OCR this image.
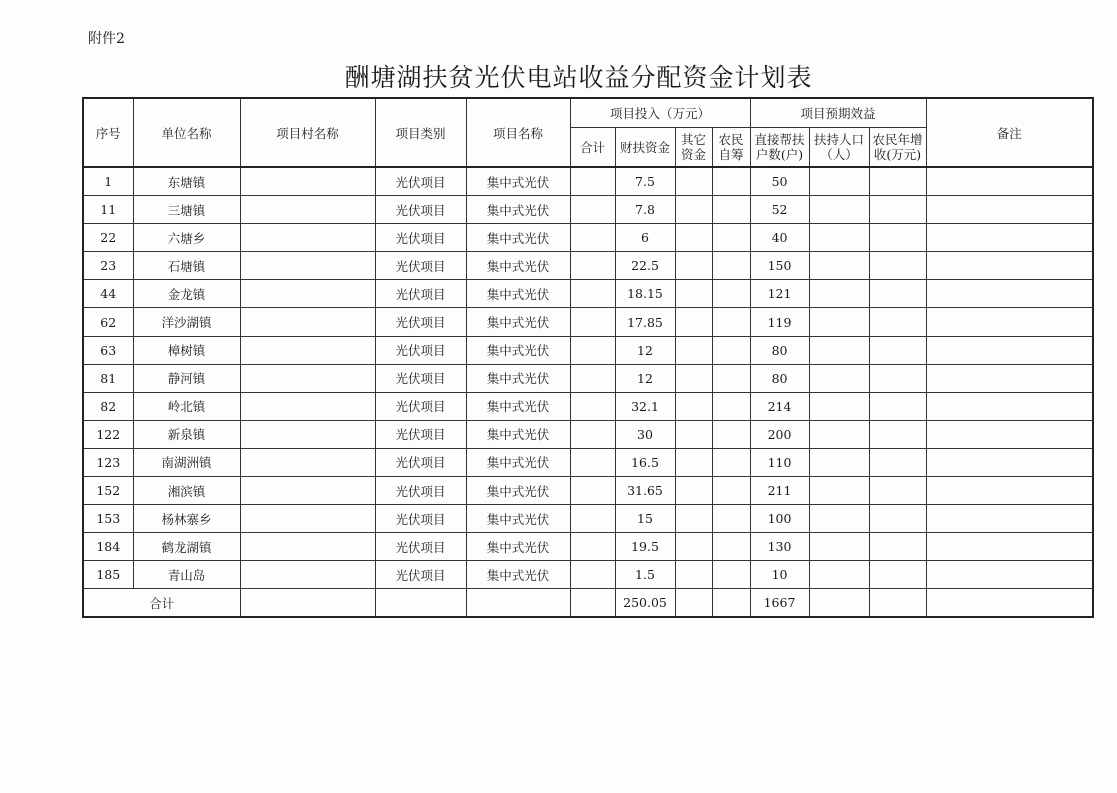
附件2
酬塘湖扶贫光伏电站收益分配资金计划表
序号	单位名称	项目村名称	项目类别	项目名称	项目投入（万元）				项目预期效益			备注
					合计	财扶资金	其它资金	农民自筹	直接帮扶户数(户)	扶持人口（人）	农民年增收(万元)	

1	东塘镇		光伏项目	集中式光伏		7.5			50			
11	三塘镇		光伏项目	集中式光伏		7.8			52			
22	六塘乡		光伏项目	集中式光伏		6			40			
23	石塘镇		光伏项目	集中式光伏		22.5			150			
44	金龙镇		光伏项目	集中式光伏		18.15			121			
62	洋沙湖镇		光伏项目	集中式光伏		17.85			119			
63	樟树镇		光伏项目	集中式光伏		12			80			
81	静河镇		光伏项目	集中式光伏		12			80			
82	岭北镇		光伏项目	集中式光伏		32.1			214			
122	新泉镇		光伏项目	集中式光伏		30			200			
123	南湖洲镇		光伏项目	集中式光伏		16.5			110			
152	湘滨镇		光伏项目	集中式光伏		31.65			211			
153	杨林寨乡		光伏项目	集中式光伏		15			100			
184	鹤龙湖镇		光伏项目	集中式光伏		19.5			130			
185	青山岛		光伏项目	集中式光伏		1.5			10			
合计						250.05			1667			
